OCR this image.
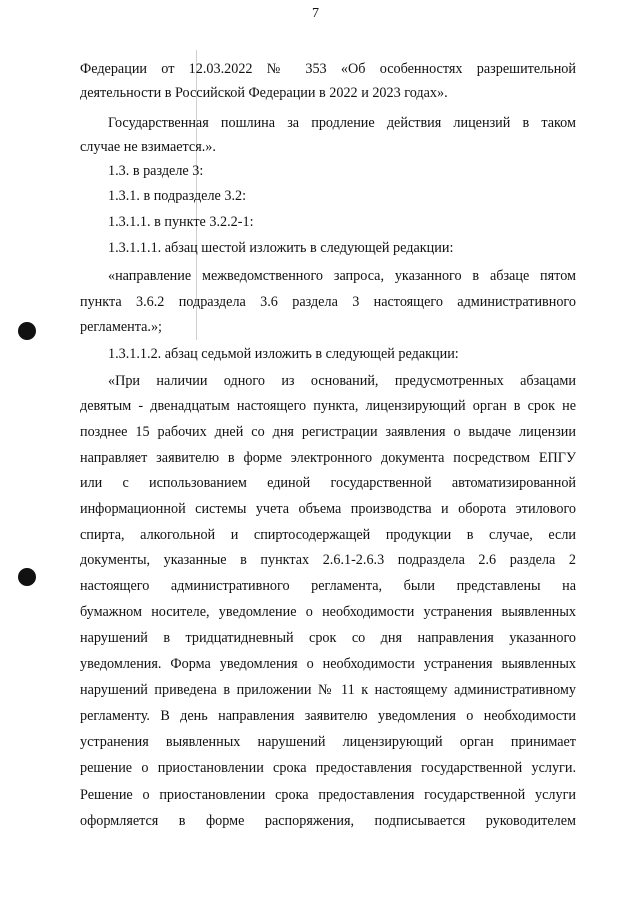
7
Федерации от 12.03.2022 № 353 «Об особенностях разрешительной
деятельности в Российской Федерации в 2022 и 2023 годах».
Государственная пошлина за продление действия лицензий в таком
случае не взимается.».
1.3. в разделе 3:
1.3.1. в подразделе 3.2:
1.3.1.1. в пункте 3.2.2-1:
1.3.1.1.1. абзац шестой изложить в следующей редакции:
«направление межведомственного запроса, указанного в абзаце пятом
пункта 3.6.2 подраздела 3.6 раздела 3 настоящего административного
регламента.»;
1.3.1.1.2. абзац седьмой изложить в следующей редакции:
«При наличии одного из оснований, предусмотренных абзацами
девятым - двенадцатым настоящего пункта, лицензирующий орган в срок не
позднее 15 рабочих дней со дня регистрации заявления о выдаче лицензии
направляет заявителю в форме электронного документа посредством ЕПГУ
или с использованием единой государственной автоматизированной
информационной системы учета объема производства и оборота этилового
спирта, алкогольной и спиртосодержащей продукции в случае, если
документы, указанные в пунктах 2.6.1-2.6.3 подраздела 2.6 раздела 2
настоящего административного регламента, были представлены на
бумажном носителе, уведомление о необходимости устранения выявленных
нарушений в тридцатидневный срок со дня направления указанного
уведомления. Форма уведомления о необходимости устранения выявленных
нарушений приведена в приложении № 11 к настоящему административному
регламенту. В день направления заявителю уведомления о необходимости
устранения выявленных нарушений лицензирующий орган принимает
решение о приостановлении срока предоставления государственной услуги.
Решение о приостановлении срока предоставления государственной услуги
оформляется в форме распоряжения, подписывается руководителем
